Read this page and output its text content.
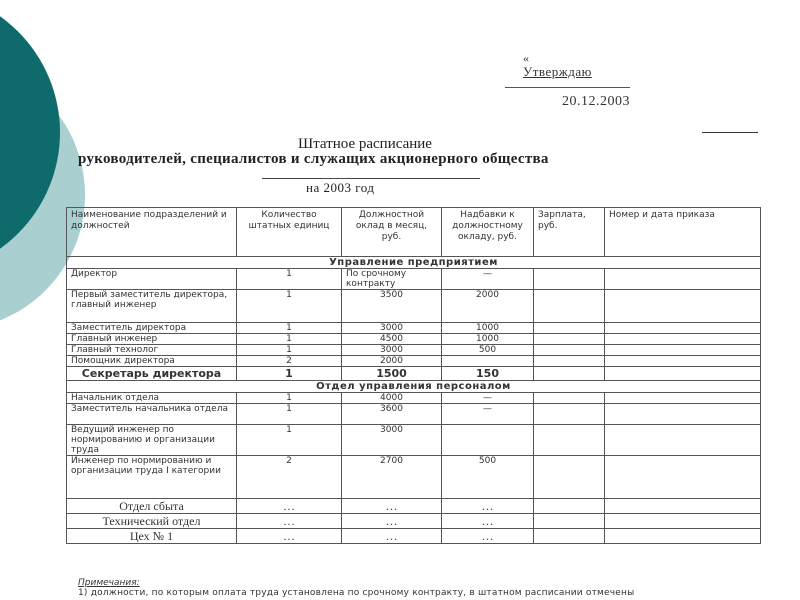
«
Утверждаю
20.12.2003
Штатное расписание
руководителей, специалистов и служащих акционерного общества
на 2003 год
Наименование подразделений и должностей	Количество штатных единиц	Должностной оклад в месяц, руб.	Надбавки к должностному окладу, руб.	Зарплата, руб.	Номер и дата приказа
Управление предприятием					
Директор	1	По срочному контракту	—		
Первый заместитель директора, главный инженер	1	3500	2000		
Заместитель директора	1	3000	1000		
Главный инженер	1	4500	1000		
Главный технолог	1	3000	500		
Помощник директора	2	2000			
Секретарь директора	1	1500	150		
Отдел управления персоналом					
Начальник отдела	1	4000	—		
Заместитель начальника отдела	1	3600	—		
Ведущий инженер по нормированию и организации труда	1	3000			
Инженер по нормированию и организации труда I категории	2	2700	500		
Отдел сбыта	…	…	…		
Технический отдел	…	…	…		
Цех № 1	…	…	…		
Примечания:
1) должности, по которым оплата труда установлена по срочному контракту, в штатном расписании отмечены
